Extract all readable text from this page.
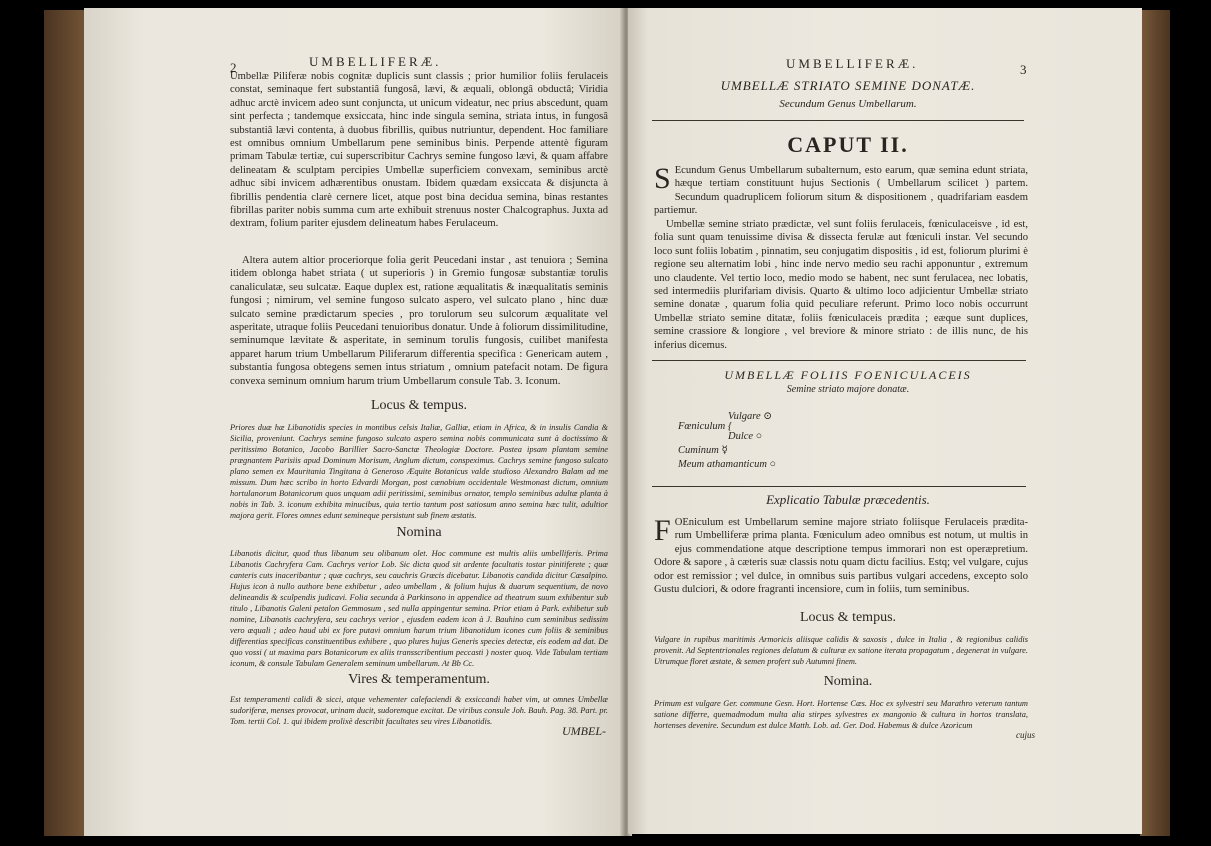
2	UMBELLIFERÆ.

Umbellæ Piliferæ nobis cognitæ duplicis sunt classis ; prior humilior foliis ferulaceis constat, seminaque fert substantiâ fungosâ, lævi, & æquali, oblongâ obductâ; Viridia adhuc arctè invicem adeo sunt conjuncta, ut unicum videatur, nec prius abscedunt, quam sint perfecta ; tandemque exsiccata, hinc inde singula semina, striata intus, in fungosâ substantiâ lævi contenta, à duobus fibrillis, quibus nutriuntur, dependent. Hoc familiare est omnibus omnium Umbellarum pene seminibus binis. Perpende attentè figuram primam Tabulæ tertiæ, cui superscribitur Cachrys semine fungoso lævi, & quam affabre delineatam & sculptam percipies Umbellæ superficiem convexam, seminibus arctè adhuc sibi invicem adhærentibus onustam. Ibidem quædam exsiccata & disjuncta à fibrillis pendentia clarè cernere licet, atque post bina decidua semina, binas restantes fibrillas pariter nobis summa cum arte exhibuit strenuus noster Chalcographus. Juxta ad dextram, folium pariter ejusdem delineatum habes Ferulaceum.

Altera autem altior proceriorque folia gerit Peucedani instar , ast tenuiora ; Semina itidem oblonga habet striata ( ut superioris ) in Gremio fungosæ substantiæ torulis canaliculatæ, seu sulcatæ. Eaque duplex est, ratione æqualitatis & inæqualitatis seminis fungosi ; nimirum, vel semine fungoso sulcato aspero, vel sulcato plano , hinc duæ sulcato semine prædictarum species , pro torulorum seu sulcorum æqualitate vel asperitate, utraque foliis Peucedani tenuioribus donatur. Unde à foliorum dissimilitudine, seminumque lævitate & asperitate, in seminum torulis fungosis, cuilibet manifesta apparet harum trium Umbellarum Piliferarum differentia specifica : Genericam autem , substantia fungosa obtegens semen intus striatum , omnium patefacit notam. De figura convexa seminum omnium harum trium Umbellarum consule Tab. 3. Iconum.

Locus & tempus.

Priores duæ hæ Libanotidis species in montibus celsis Italiæ, Galliæ, etiam in Africa, & in insulis Candia & Sicilia, proveniunt. Cachrys semine fungoso sulcato aspero semina nobis communicata sunt à doctissimo & peritissimo Botanico, Jacobo Barillier Sacro-Sanctæ Theologiæ Doctore. Postea ipsam plantam semine prægnantem Parisiis apud Dominum Morisum, Anglum dictum, conspeximus. Cachrys semine fungoso sulcato plano semen ex Mauritania Tingitana à Generoso Æquite Botanicus valde studioso Alexandro Balam ad me missum. Dum hæc scribo in horto Edvardi Morgan, post cænobium occidentale Westmonast dictum, omnium hortulanorum Botanicorum quos unquam adii peritissimi, seminibus ornator, templo seminibus adultæ planta à nobis in Tab. 3. iconum exhibita minucibus, quia tertio tantum post satiosum anno semina hæc tulit, adultior majora gerit. Flores omnes edunt semineque persistunt sub finem æstatis.

Nomina

Libanotis dicitur, quod thus libanum seu olibanum olet. Hoc commune est multis aliis umbelliferis. Prima Libanotis Cachryfera Cam. Cachrys verior Lob. Sic dicta quod sit ardente facultatis tostar pinitiferete ; quæ canteris cuts inaceribantur ; quæ cachrys, seu cauchris Græcis dicebatur. Libanotis candida dicitur Cæsalpino. Hujus icon à nullo authore bene exhibetur , adeo umbellam , & folium hujus & duarum sequentium, de novo delineandis & sculpendis judicavi. Folia secunda à Parkinsono in appendice ad theatrum suum exhibentur sub titulo , Libanotis Galeni petalon Gemmosum , sed nulla appingentur semina. Prior etiam à Park. exhibetur sub nomine, Libanotis cachryfera, seu cachrys verior , ejusdem eadem icon à J. Bauhino cum seminibus sedissim vero æquali ; adeo haud ubi ex fore putavi omnium harum trium libanotidum icones cum foliis & seminibus differentias specificas constituentibus exhibere , quo plures hujus Generis species detectæ, eis eodem ad dat. De quo vossi ( ut maxima pars Botanicorum ex aliis transscribentium peccasti ) noster quoq. Vide Tabulam tertiam iconum, & consule Tabulam Generalem seminum umbellarum. At Bb Cc.

Vires & temperamentum.

Est temperamenti calidi & sicci, atque vehementer calefaciendi & exsiccandi habet vim, ut omnes Umbellæ sudoriferæ, menses provocat, urinam ducit, sudoremque excitat. De viribus consule Joh. Bauh. Pag. 38. Part. pr. Tom. tertii Col. 1. qui ibidem prolixè describit facultates seu vires Libanotidis.

UMBEL-
UMBELLIFERÆ.	3
UMBELLÆ STRIATO SEMINE DONATÆ.
Secundum Genus Umbellarum.
CAPUT II.

S Ecundum Genus Umbellarum subalternum, esto earum, quæ semina edunt striata, hæque tertiam constituunt hujus Sectionis ( Umbellarum scilicet ) partem. Secundum quadruplicem foliorum situm & dispositionem , quadrifariam easdem partiemur.

Umbellæ semine striato prædictæ, vel sunt foliis ferulaceis, fœniculaceisve , id est, folia sunt quam tenuissime divisa & dissecta ferulæ aut fœniculi instar. Vel secundo loco sunt foliis lobatim , pinnatim, seu conjugatim dispositis , id est, foliorum plurimi è regione seu alternatim lobi , hinc inde nervo medio seu rachi apponuntur , extremum uno claudente. Vel tertio loco, medio modo se habent, nec sunt ferulacea, nec lobatis, sed intermediis plurifariam divisis. Quarto & ultimo loco adjicientur Umbellæ striato semine donatæ , quarum folia quid peculiare referunt. Primo loco nobis occurrunt Umbellæ striato semine ditatæ, foliis fœniculaceis prædita ; eæque sunt duplices, semine crassiore & longiore , vel breviore & minore striato : de illis nunc, de his inferius dicemus.

UMBELLÆ FOLIIS FOENICULACEIS
Semine striato majore donatæ.
Vulgare ⊙
Fœniculum {
Dulce ○
Cuminum ☿
Meum athamanticum ○
Explicatio Tabulæ præcedentis.

F OEniculum est Umbellarum semine majore striato foliisque Ferulaceis prædita-rum Umbelliferæ prima planta. Fœniculum adeo omnibus est notum, ut multis in ejus commendatione atque descriptione tempus immorari non est operæpretium. Odore & sapore , à cæteris suæ classis notu quam dictu facilius. Estq; vel vulgare, cujus odor est remissior ; vel dulce, in omnibus suis partibus vulgari accedens, excepto solo Gustu dulciori, & odore fragranti incensiore, cum in foliis, tum seminibus.

Locus & tempus.

Vulgare in rupibus maritimis Armoricis aliisque calidis & saxosis , dulce in Italia , & regionibus calidis provenit. Ad Septentrionales regiones delatum & culturæ ex satione iterata propagatum , degenerat in vulgare. Utrumque floret æstate, & semen profert sub Autumni finem.

Nomina.

Primum est vulgare Ger. commune Gesn. Hort. Hortense Cæs. Hoc ex sylvestri seu Marathro veterum tantum satione differre, quemadmodum multa alia stirpes sylvestres ex mangonio & cultura in hortos translata, hortenses devenire. Secundum est dulce Matth. Lob. ad. Ger. Dod. Habemus & dulce Azoricum

cujus
